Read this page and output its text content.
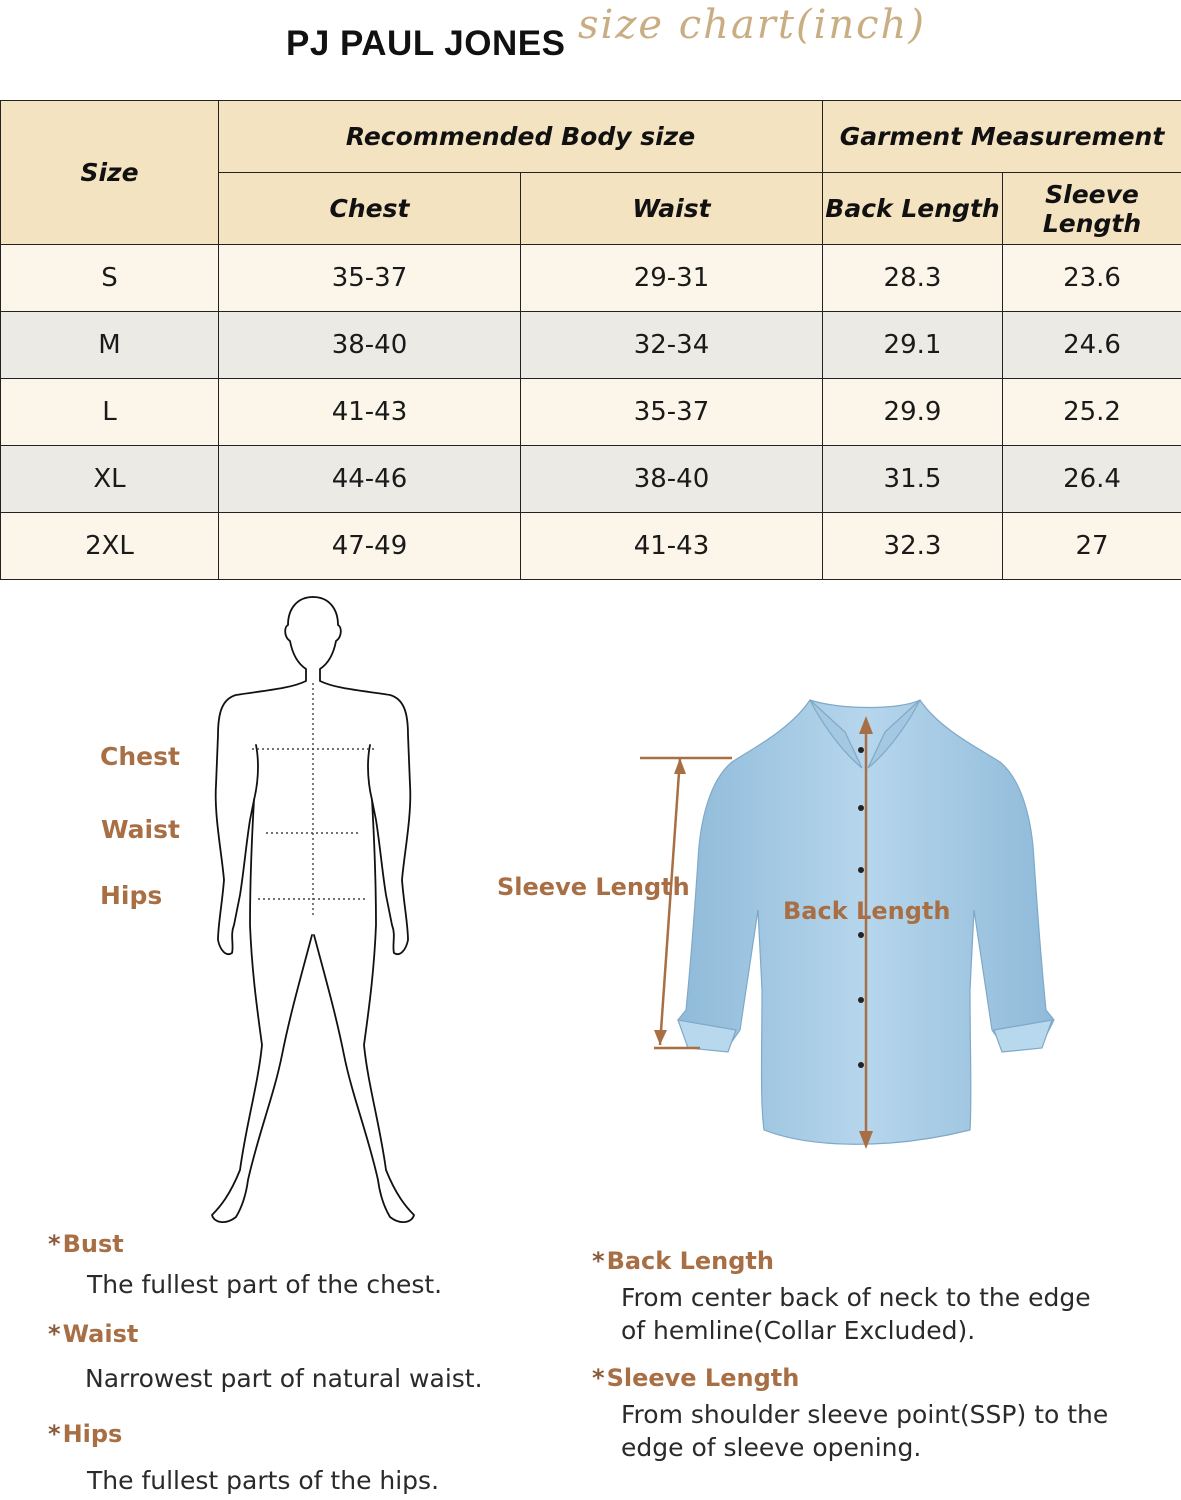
PJ PAUL JONES size chart(inch)
Size	Recommended Body size		Garment Measurement	
	Chest	Waist	Back Length	Sleeve Length
S	35-37	29-31	28.3	23.6
M	38-40	32-34	29.1	24.6
L	41-43	35-37	29.9	25.2
XL	44-46	38-40	31.5	26.4
2XL	47-49	41-43	32.3	27
Chest
Waist
Hips	Sleeve Length
Back Length
*Bust
The fullest part of the chest.
*Waist
Narrowest part of natural waist.
*Hips
The fullest parts of the hips.
*Back Length
From center back of neck to the edge
of hemline(Collar Excluded).
*Sleeve Length
From shoulder sleeve point(SSP) to the
edge of sleeve opening.
